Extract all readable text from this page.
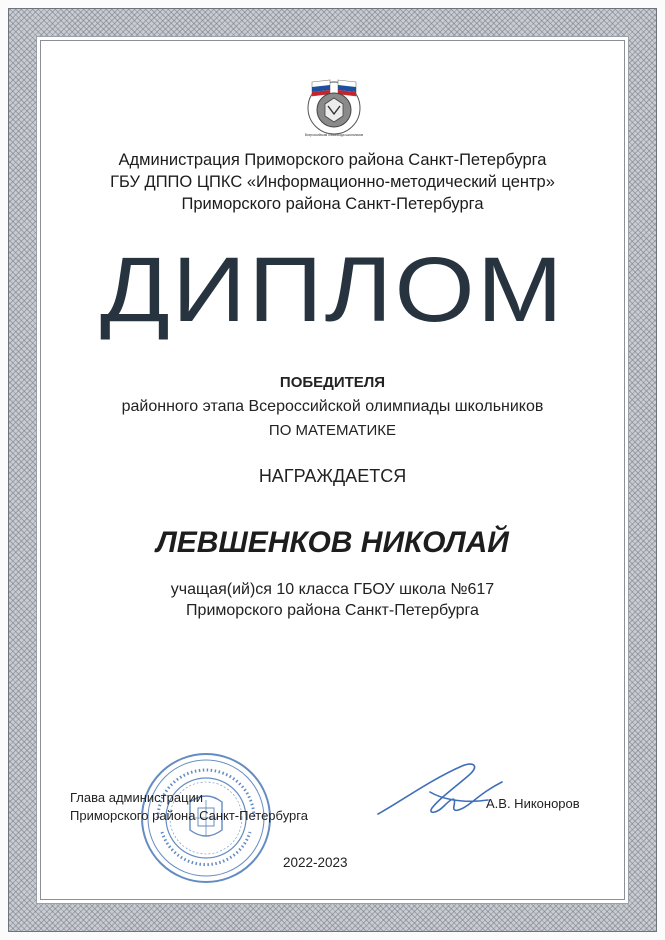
Всероссийская олимпиада школьников
Администрация Приморского района Санкт-Петербурга
ГБУ ДППО ЦПКС «Информационно-методический центр»
Приморского района Санкт-Петербурга
ДИПЛОМ
ПОБЕДИТЕЛЯ
районного этапа Всероссийской олимпиады школьников
ПО МАТЕМАТИКЕ
НАГРАЖДАЕТСЯ
ЛЕВШЕНКОВ НИКОЛАЙ
учащая(ий)ся 10 класса ГБОУ школа №617
Приморского района Санкт-Петербурга
Глава администрации
Приморского района Санкт-Петербурга
А.В. Никоноров
2022-2023
